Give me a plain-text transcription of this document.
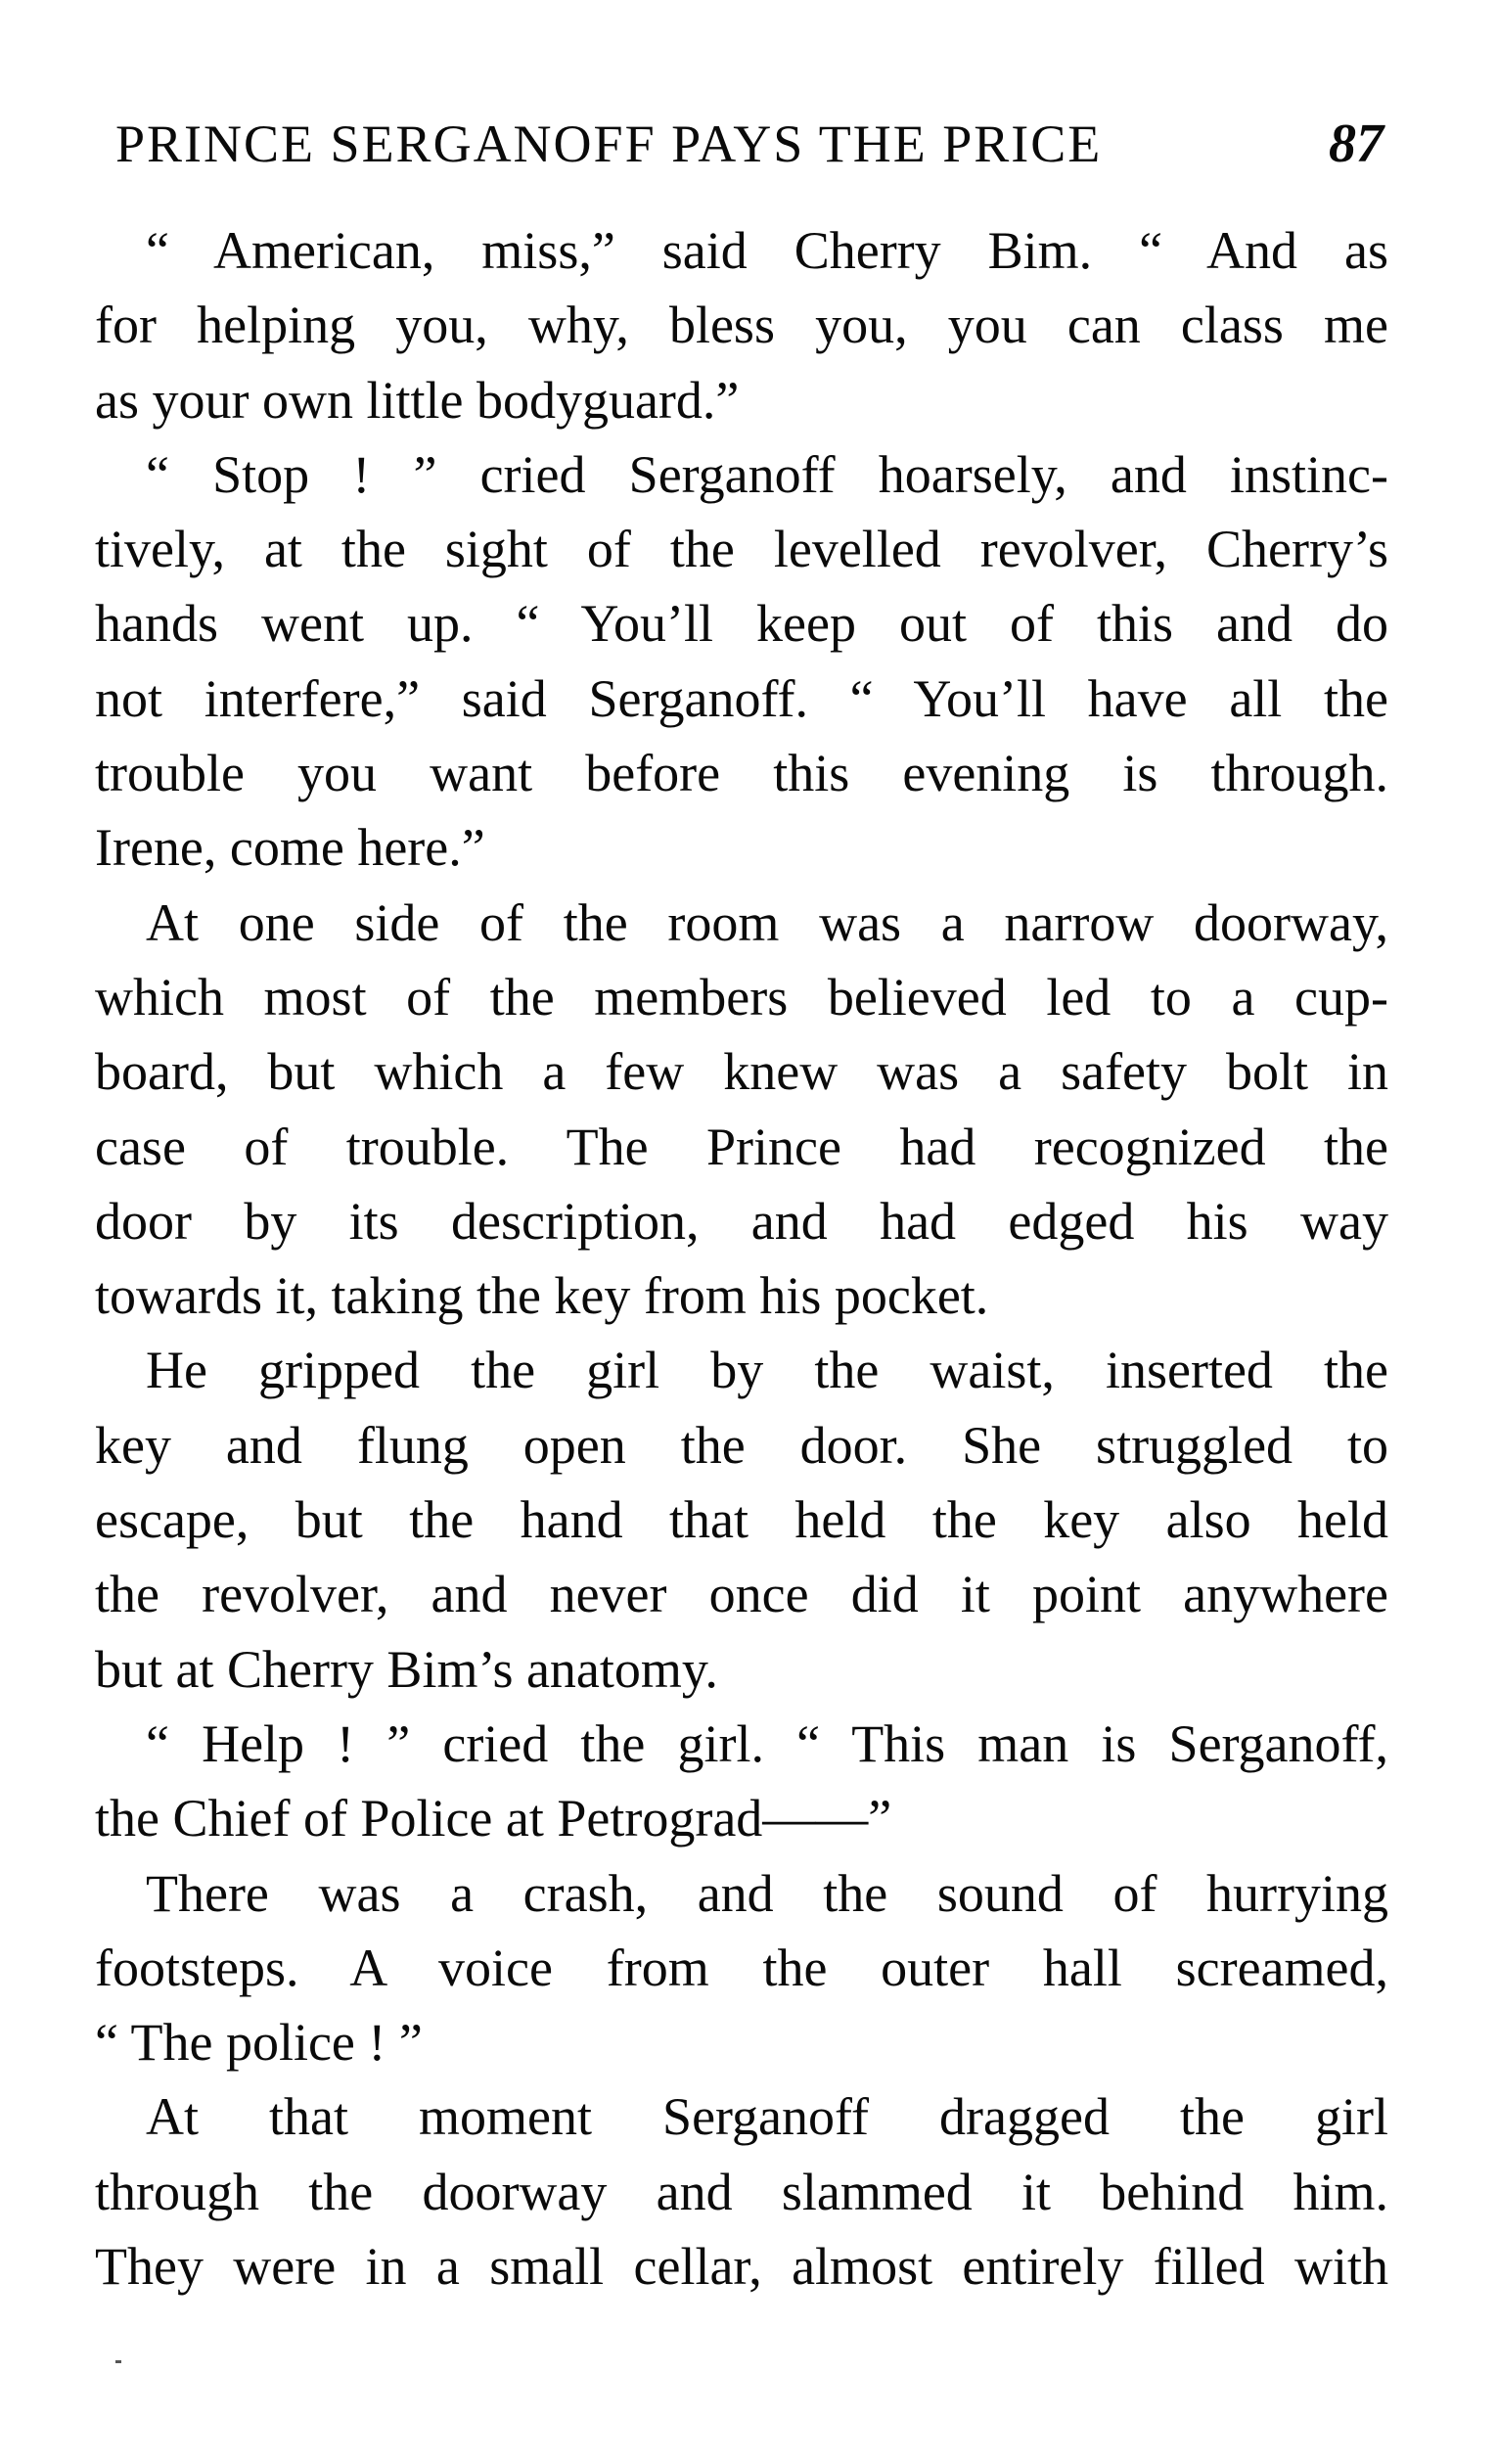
PRINCE SERGANOFF PAYS THE PRICE	87
“ American, miss,” said Cherry Bim. “ And as
for helping you, why, bless you, you can class me
as your own little bodyguard.”
“ Stop ! ” cried Serganoff hoarsely, and instinc-
tively, at the sight of the levelled revolver, Cherry’s
hands went up. “ You’ll keep out of this and do
not interfere,” said Serganoff. “ You’ll have all the
trouble you want before this evening is through.
Irene, come here.”
At one side of the room was a narrow doorway,
which most of the members believed led to a cup-
board, but which a few knew was a safety bolt in
case of trouble. The Prince had recognized the
door by its description, and had edged his way
towards it, taking the key from his pocket.
He gripped the girl by the waist, inserted the
key and flung open the door. She struggled to
escape, but the hand that held the key also held
the revolver, and never once did it point anywhere
but at Cherry Bim’s anatomy.
“ Help ! ” cried the girl. “ This man is Serganoff,
the Chief of Police at Petrograd——”
There was a crash, and the sound of hurrying
footsteps. A voice from the outer hall screamed,
“ The police ! ”
At that moment Serganoff dragged the girl
through the doorway and slammed it behind him.
They were in a small cellar, almost entirely filled with
